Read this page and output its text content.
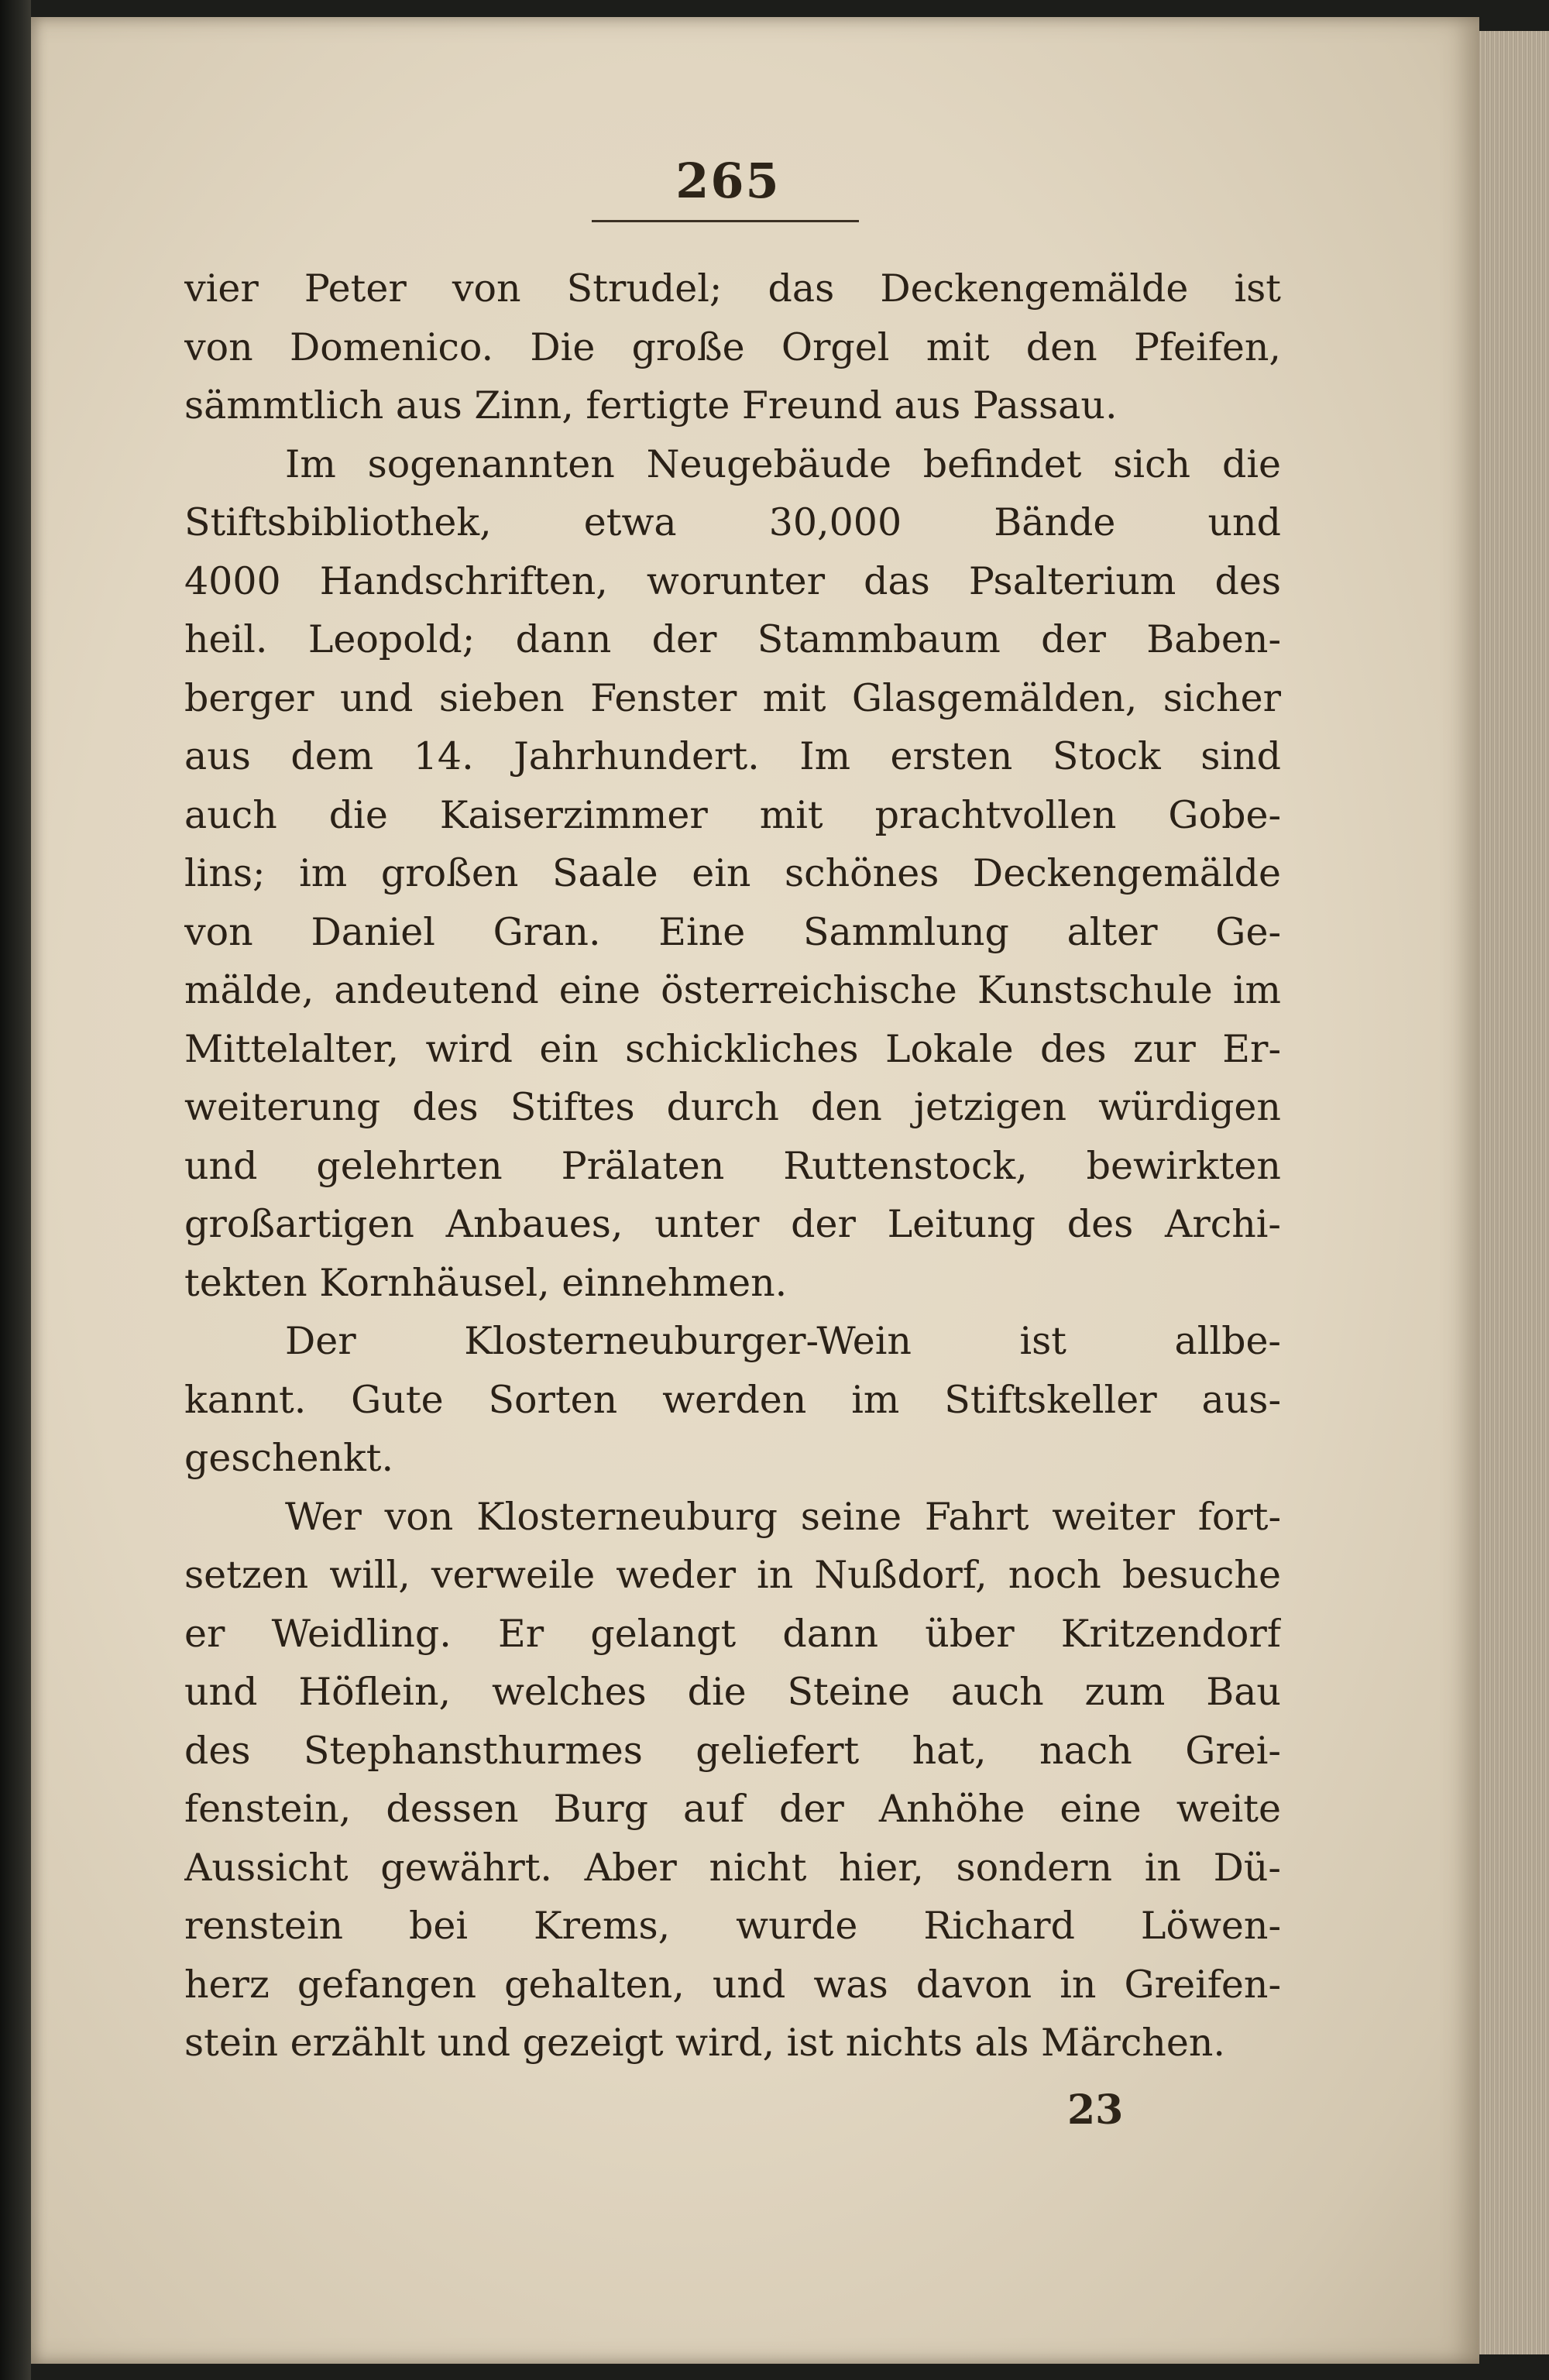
265
vier Peter von Strudel; das Deckengemälde ist
von Domenico. Die große Orgel mit den Pfeifen,
sämmtlich aus Zinn, fertigte Freund aus Passau.
Im sogenannten Neugebäude befindet sich die
Stiftsbibliothek, etwa 30,000 Bände und
4000 Handschriften, worunter das Psalterium des
heil. Leopold; dann der Stammbaum der Baben-
berger und sieben Fenster mit Glasgemälden, sicher
aus dem 14. Jahrhundert. Im ersten Stock sind
auch die Kaiserzimmer mit prachtvollen Gobe-
lins; im großen Saale ein schönes Deckengemälde
von Daniel Gran. Eine Sammlung alter Ge-
mälde, andeutend eine österreichische Kunstschule im
Mittelalter, wird ein schickliches Lokale des zur Er-
weiterung des Stiftes durch den jetzigen würdigen
und gelehrten Prälaten Ruttenstock, bewirkten
großartigen Anbaues, unter der Leitung des Archi-
tekten Kornhäusel, einnehmen.
Der Klosterneuburger-Wein ist allbe-
kannt. Gute Sorten werden im Stiftskeller aus-
geschenkt.
Wer von Klosterneuburg seine Fahrt weiter fort-
setzen will, verweile weder in Nußdorf, noch besuche
er Weidling. Er gelangt dann über Kritzendorf
und Höflein, welches die Steine auch zum Bau
des Stephansthurmes geliefert hat, nach Grei-
fenstein, dessen Burg auf der Anhöhe eine weite
Aussicht gewährt. Aber nicht hier, sondern in Dü-
renstein bei Krems, wurde Richard Löwen-
herz gefangen gehalten, und was davon in Greifen-
stein erzählt und gezeigt wird, ist nichts als Märchen.
23
